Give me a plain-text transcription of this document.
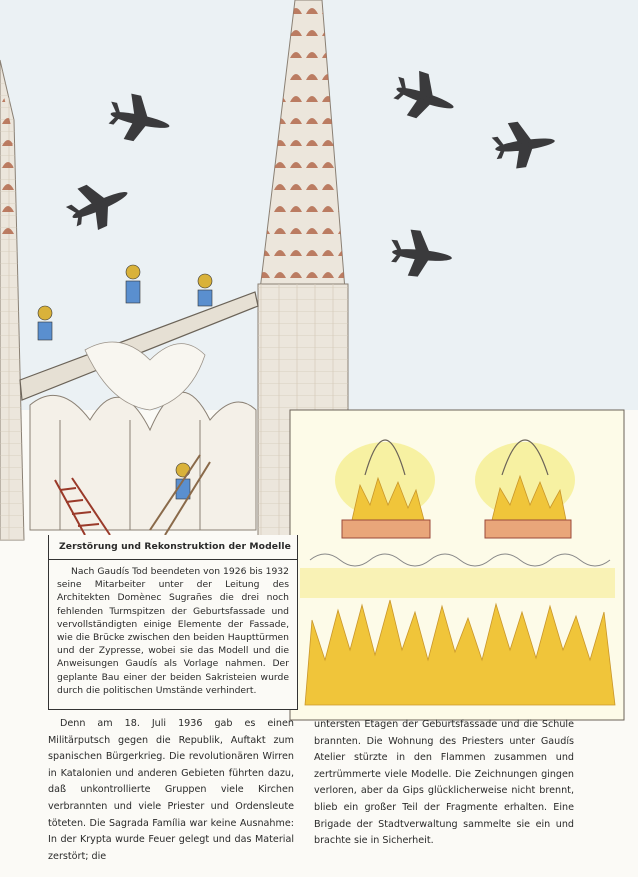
Zerstörung und Rekonstruktion der Modelle

Nach Gaudís Tod beendeten von 1926 bis 1932 seine Mitarbeiter unter der Leitung des Architekten Domènec Sugrañes die drei noch fehlenden Turmspitzen der Geburtsfassade und vervollständigten einige Elemente der Fassade, wie die Brücke zwischen den beiden Haupttürmen und der Zypresse, wobei sie das Modell und die Anweisungen Gaudís als Vorlage nahmen. Der geplante Bau einer der beiden Sakristeien wurde durch die politischen Umstände verhindert.

Denn am 18. Juli 1936 gab es einen Militärputsch gegen die Republik, Auftakt zum spanischen Bürgerkrieg. Die revolutionären Wirren in Katalonien und anderen Gebieten führten dazu, daß unkontrollierte Gruppen viele Kirchen verbrannten und viele Priester und Ordensleute töteten. Die Sagrada Família war keine Ausnahme: In der Krypta wurde Feuer gelegt und das Material zerstört; die
untersten Etagen der Geburtsfassade und die Schule brannten. Die Wohnung des Priesters unter Gaudís Atelier stürzte in den Flammen zusammen und zertrümmerte viele Modelle. Die Zeichnungen gingen verloren, aber da Gips glücklicherweise nicht brennt, blieb ein großer Teil der Fragmente erhalten. Eine Brigade der Stadtverwaltung sammelte sie ein und brachte sie in Sicherheit.
